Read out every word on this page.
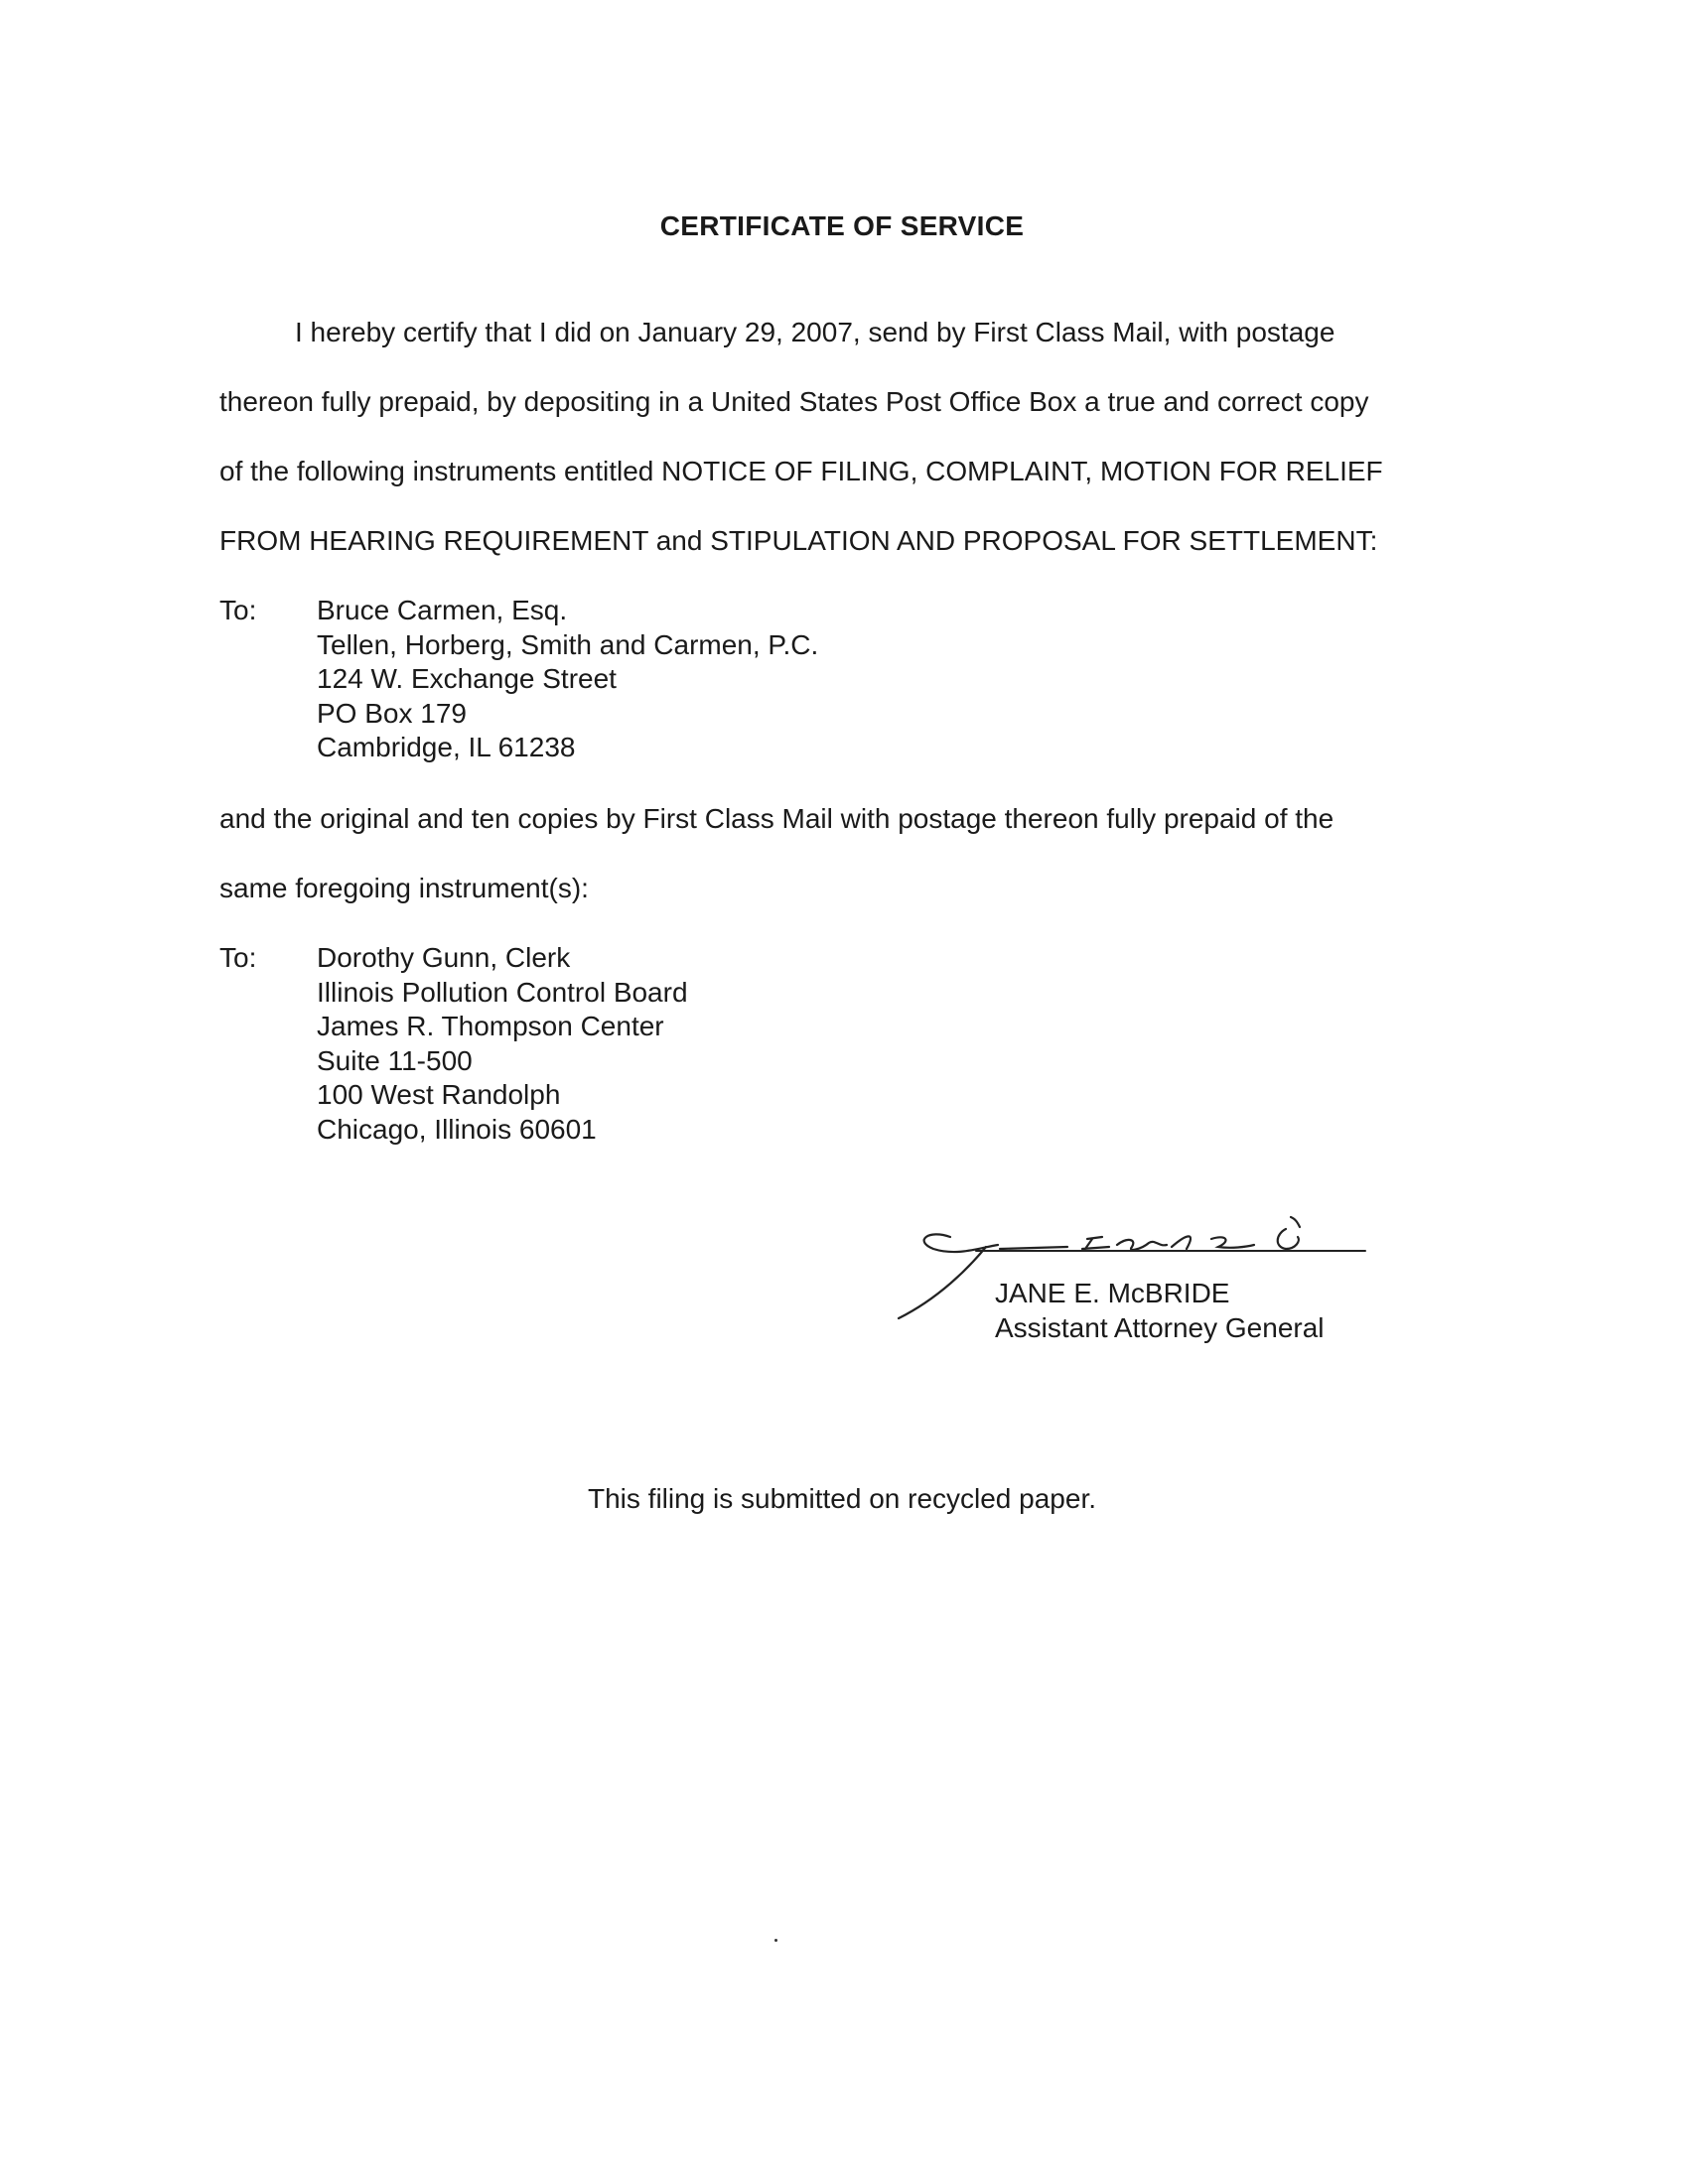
CERTIFICATE OF SERVICE
I hereby certify that I did on January 29, 2007, send by First Class Mail, with postage
thereon fully prepaid, by depositing in a United States Post Office Box a true and correct copy
of the following instruments entitled NOTICE OF FILING, COMPLAINT, MOTION FOR RELIEF
FROM HEARING REQUIREMENT and STIPULATION AND PROPOSAL FOR SETTLEMENT:
To: Bruce Carmen, Esq.
Tellen, Horberg, Smith and Carmen, P.C.
124 W. Exchange Street
PO Box 179
Cambridge, IL 61238
and the original and ten copies by First Class Mail with postage thereon fully prepaid of the
same foregoing instrument(s):
To: Dorothy Gunn, Clerk
Illinois Pollution Control Board
James R. Thompson Center
Suite 11-500
100 West Randolph
Chicago, Illinois 60601
JANE E. McBRIDE
Assistant Attorney General
This filing is submitted on recycled paper.
